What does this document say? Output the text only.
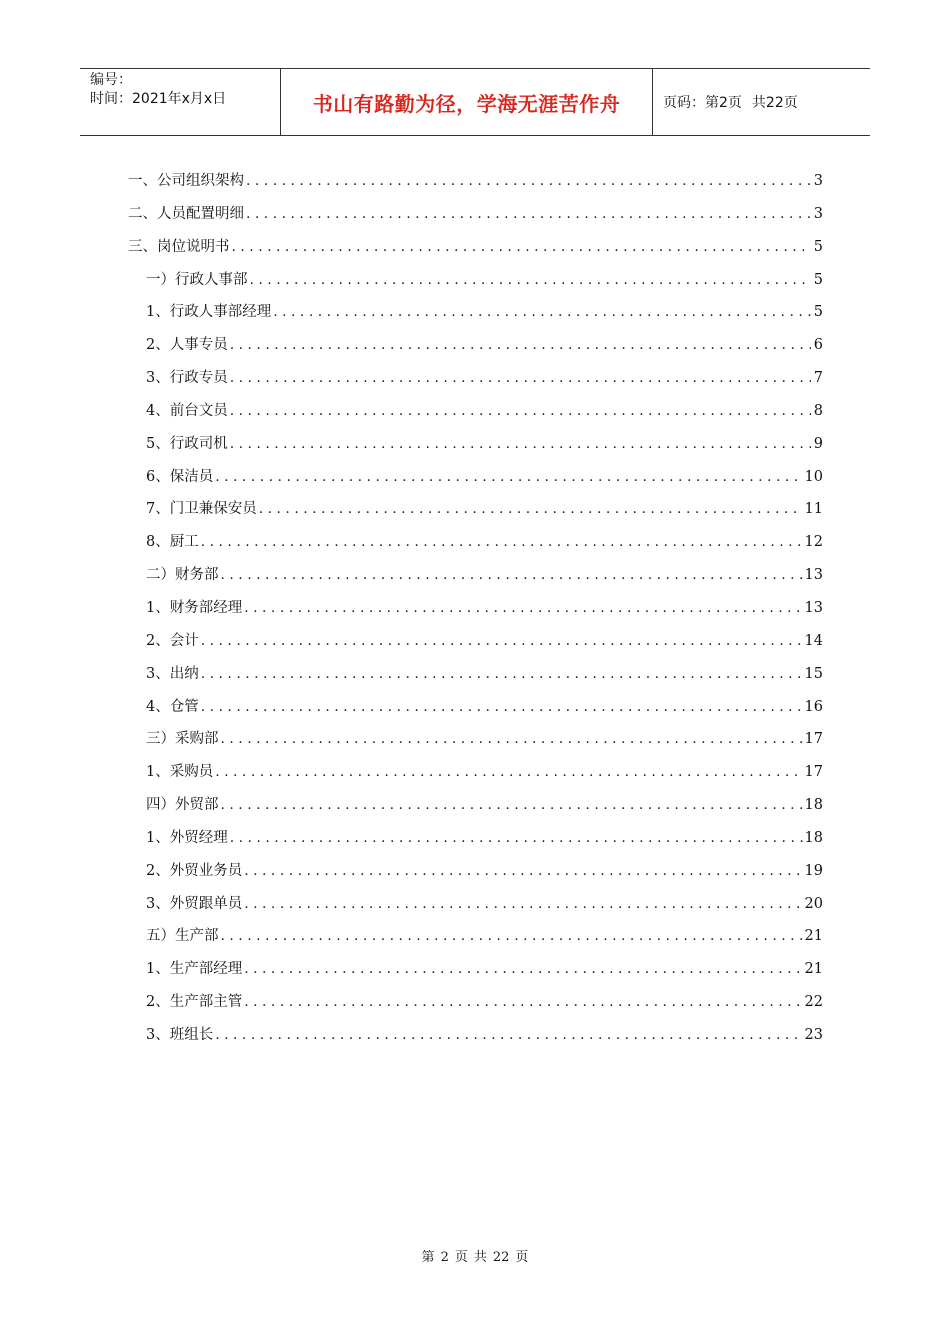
编号：
时间：2021年x月x日	书山有路勤为径，学海无涯苦作舟	页码：第2页 共22页
一、公司组织架构 . . .	3
二、人员配置明细 . . .	3
三、岗位说明书 . . .	5
一）行政人事部 . . .	5
1、行政人事部经理 . . .	5
2、人事专员 . . .	6
3、行政专员 . . .	7
4、前台文员 . . .	8
5、行政司机 . . .	9
6、保洁员 . . .	10
7、门卫兼保安员 . . .	11
8、厨工 . . .	12
二）财务部 . . .	13
1、财务部经理 . . .	13
2、会计 . . .	14
3、出纳 . . .	15
4、仓管 . . .	16
三）采购部 . . .	17
1、采购员 . . .	17
四）外贸部 . . .	18
1、外贸经理 . . .	18
2、外贸业务员 . . .	19
3、外贸跟单员 . . .	20
五）生产部 . . .	21
1、生产部经理 . . .	21
2、生产部主管 . . .	22
3、班组长 . . .	23
第 2 页 共 22 页
